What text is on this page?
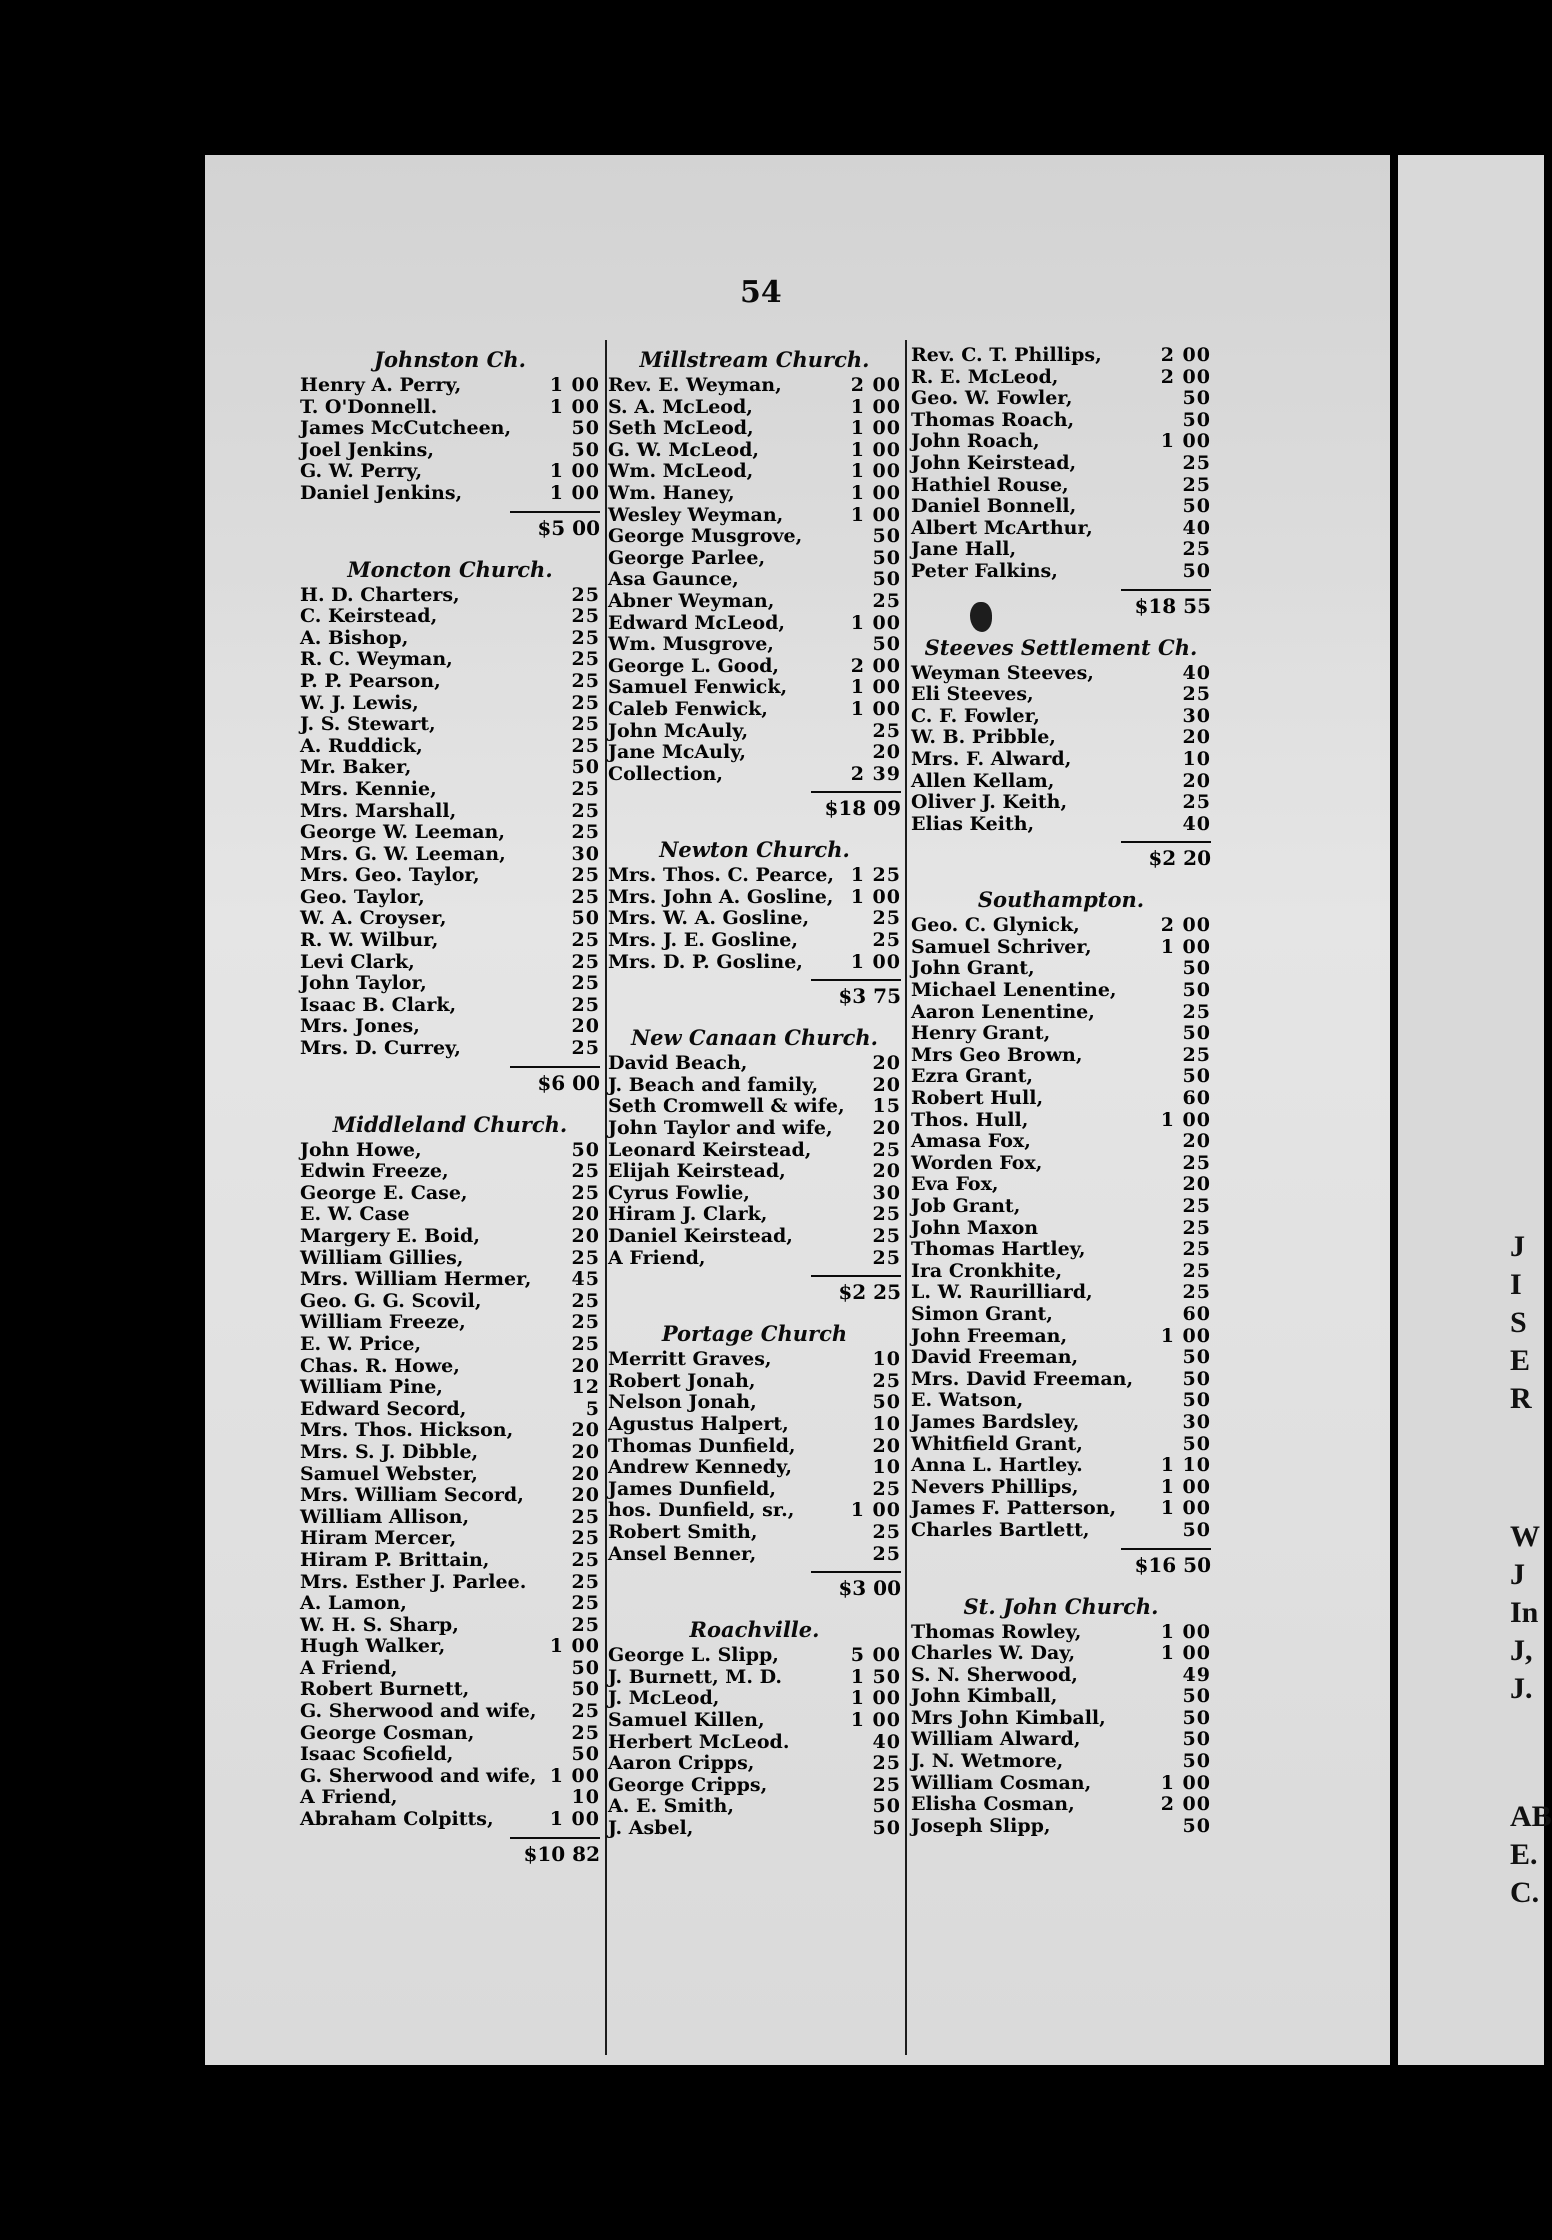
54
Johnston Ch.
Henry A. Perry,	1 00
T. O'Donnell.	1 00
James McCutcheen,	50
Joel Jenkins,	50
G. W. Perry,	1 00
Daniel Jenkins,	1 00
$5 00
Moncton Church.
H. D. Charters,	25
C. Keirstead,	25
A. Bishop,	25
R. C. Weyman,	25
P. P. Pearson,	25
W. J. Lewis,	25
J. S. Stewart,	25
A. Ruddick,	25
Mr. Baker,	50
Mrs. Kennie,	25
Mrs. Marshall,	25
George W. Leeman,	25
Mrs. G. W. Leeman,	30
Mrs. Geo. Taylor,	25
Geo. Taylor,	25
W. A. Croyser,	50
R. W. Wilbur,	25
Levi Clark,	25
John Taylor,	25
Isaac B. Clark,	25
Mrs. Jones,	20
Mrs. D. Currey,	25
$6 00
Middleland Church.
John Howe,	50
Edwin Freeze,	25
George E. Case,	25
E. W. Case	20
Margery E. Boid,	20
William Gillies,	25
Mrs. William Hermer,	45
Geo. G. G. Scovil,	25
William Freeze,	25
E. W. Price,	25
Chas. R. Howe,	20
William Pine,	12
Edward Secord,	5
Mrs. Thos. Hickson,	20
Mrs. S. J. Dibble,	20
Samuel Webster,	20
Mrs. William Secord,	20
William Allison,	25
Hiram Mercer,	25
Hiram P. Brittain,	25
Mrs. Esther J. Parlee.	25
A. Lamon,	25
W. H. S. Sharp,	25
Hugh Walker,	1 00
A Friend,	50
Robert Burnett,	50
G. Sherwood and wife,	25
George Cosman,	25
Isaac Scofield,	50
G. Sherwood and wife, 1 00
A Friend,	10
Abraham Colpitts,	1 00
$10 82
Millstream Church.
Rev. E. Weyman,	2 00
S. A. McLeod,	1 00
Seth McLeod,	1 00
G. W. McLeod,	1 00
Wm. McLeod,	1 00
Wm. Haney,	1 00
Wesley Weyman,	1 00
George Musgrove,	50
George Parlee,	50
Asa Gaunce,	50
Abner Weyman,	25
Edward McLeod,	1 00
Wm. Musgrove,	50
George L. Good,	2 00
Samuel Fenwick,	1 00
Caleb Fenwick,	1 00
John McAuly,	25
Jane McAuly,	20
Collection,	2 39
$18 09
Newton Church.
Mrs. Thos. C. Pearce, 1 25
Mrs. John A. Gosline, 1 00
Mrs. W. A. Gosline,	25
Mrs. J. E. Gosline,	25
Mrs. D. P. Gosline,	1 00
$3 75
New Canaan Church.
David Beach,	20
J. Beach and family,	20
Seth Cromwell & wife,	15
John Taylor and wife,	20
Leonard Keirstead,	25
Elijah Keirstead,	20
Cyrus Fowlie,	30
Hiram J. Clark,	25
Daniel Keirstead,	25
A Friend,	25
$2 25
Portage Church
Merritt Graves,	10
Robert Jonah,	25
Nelson Jonah,	50
Agustus Halpert,	10
Thomas Dunfield,	20
Andrew Kennedy,	10
James Dunfield,	25
hos. Dunfield, sr.,	1 00
Robert Smith,	25
Ansel Benner,	25
$3 00
Roachville.
George L. Slipp,	5 00
J. Burnett, M. D.	1 50
J. McLeod,	1 00
Samuel Killen,	1 00
Herbert McLeod.	40
Aaron Cripps,	25
George Cripps,	25
A. E. Smith,	50
J. Asbel,	50
Rev. C. T. Phillips,	2 00
R. E. McLeod,	2 00
Geo. W. Fowler,	50
Thomas Roach,	50
John Roach,	1 00
John Keirstead,	25
Hathiel Rouse,	25
Daniel Bonnell,	50
Albert McArthur,	40
Jane Hall,	25
Peter Falkins,	50
$18 55
Steeves Settlement Ch.
Weyman Steeves,	40
Eli Steeves,	25
C. F. Fowler,	30
W. B. Pribble,	20
Mrs. F. Alward,	10
Allen Kellam,	20
Oliver J. Keith,	25
Elias Keith,	40
$2 20
Southampton.
Geo. C. Glynick,	2 00
Samuel Schriver,	1 00
John Grant,	50
Michael Lenentine,	50
Aaron Lenentine,	25
Henry Grant,	50
Mrs Geo Brown,	25
Ezra Grant,	50
Robert Hull,	60
Thos. Hull,	1 00
Amasa Fox,	20
Worden Fox,	25
Eva Fox,	20
Job Grant,	25
John Maxon	25
Thomas Hartley,	25
Ira Cronkhite,	25
L. W. Raurilliard,	25
Simon Grant,	60
John Freeman,	1 00
David Freeman,	50
Mrs. David Freeman,	50
E. Watson,	50
James Bardsley,	30
Whitfield Grant,	50
Anna L. Hartley.	1 10
Nevers Phillips,	1 00
James F. Patterson,	1 00
Charles Bartlett,	50
$16 50
St. John Church.
Thomas Rowley,	1 00
Charles W. Day,	1 00
S. N. Sherwood,	49
John Kimball,	50
Mrs John Kimball,	50
William Alward,	50
J. N. Wetmore,	50
William Cosman,	1 00
Elisha Cosman,	2 00
Joseph Slipp,	50
J
I
S
E
R
W
J
In
J,
J.
AB
E.
C.
